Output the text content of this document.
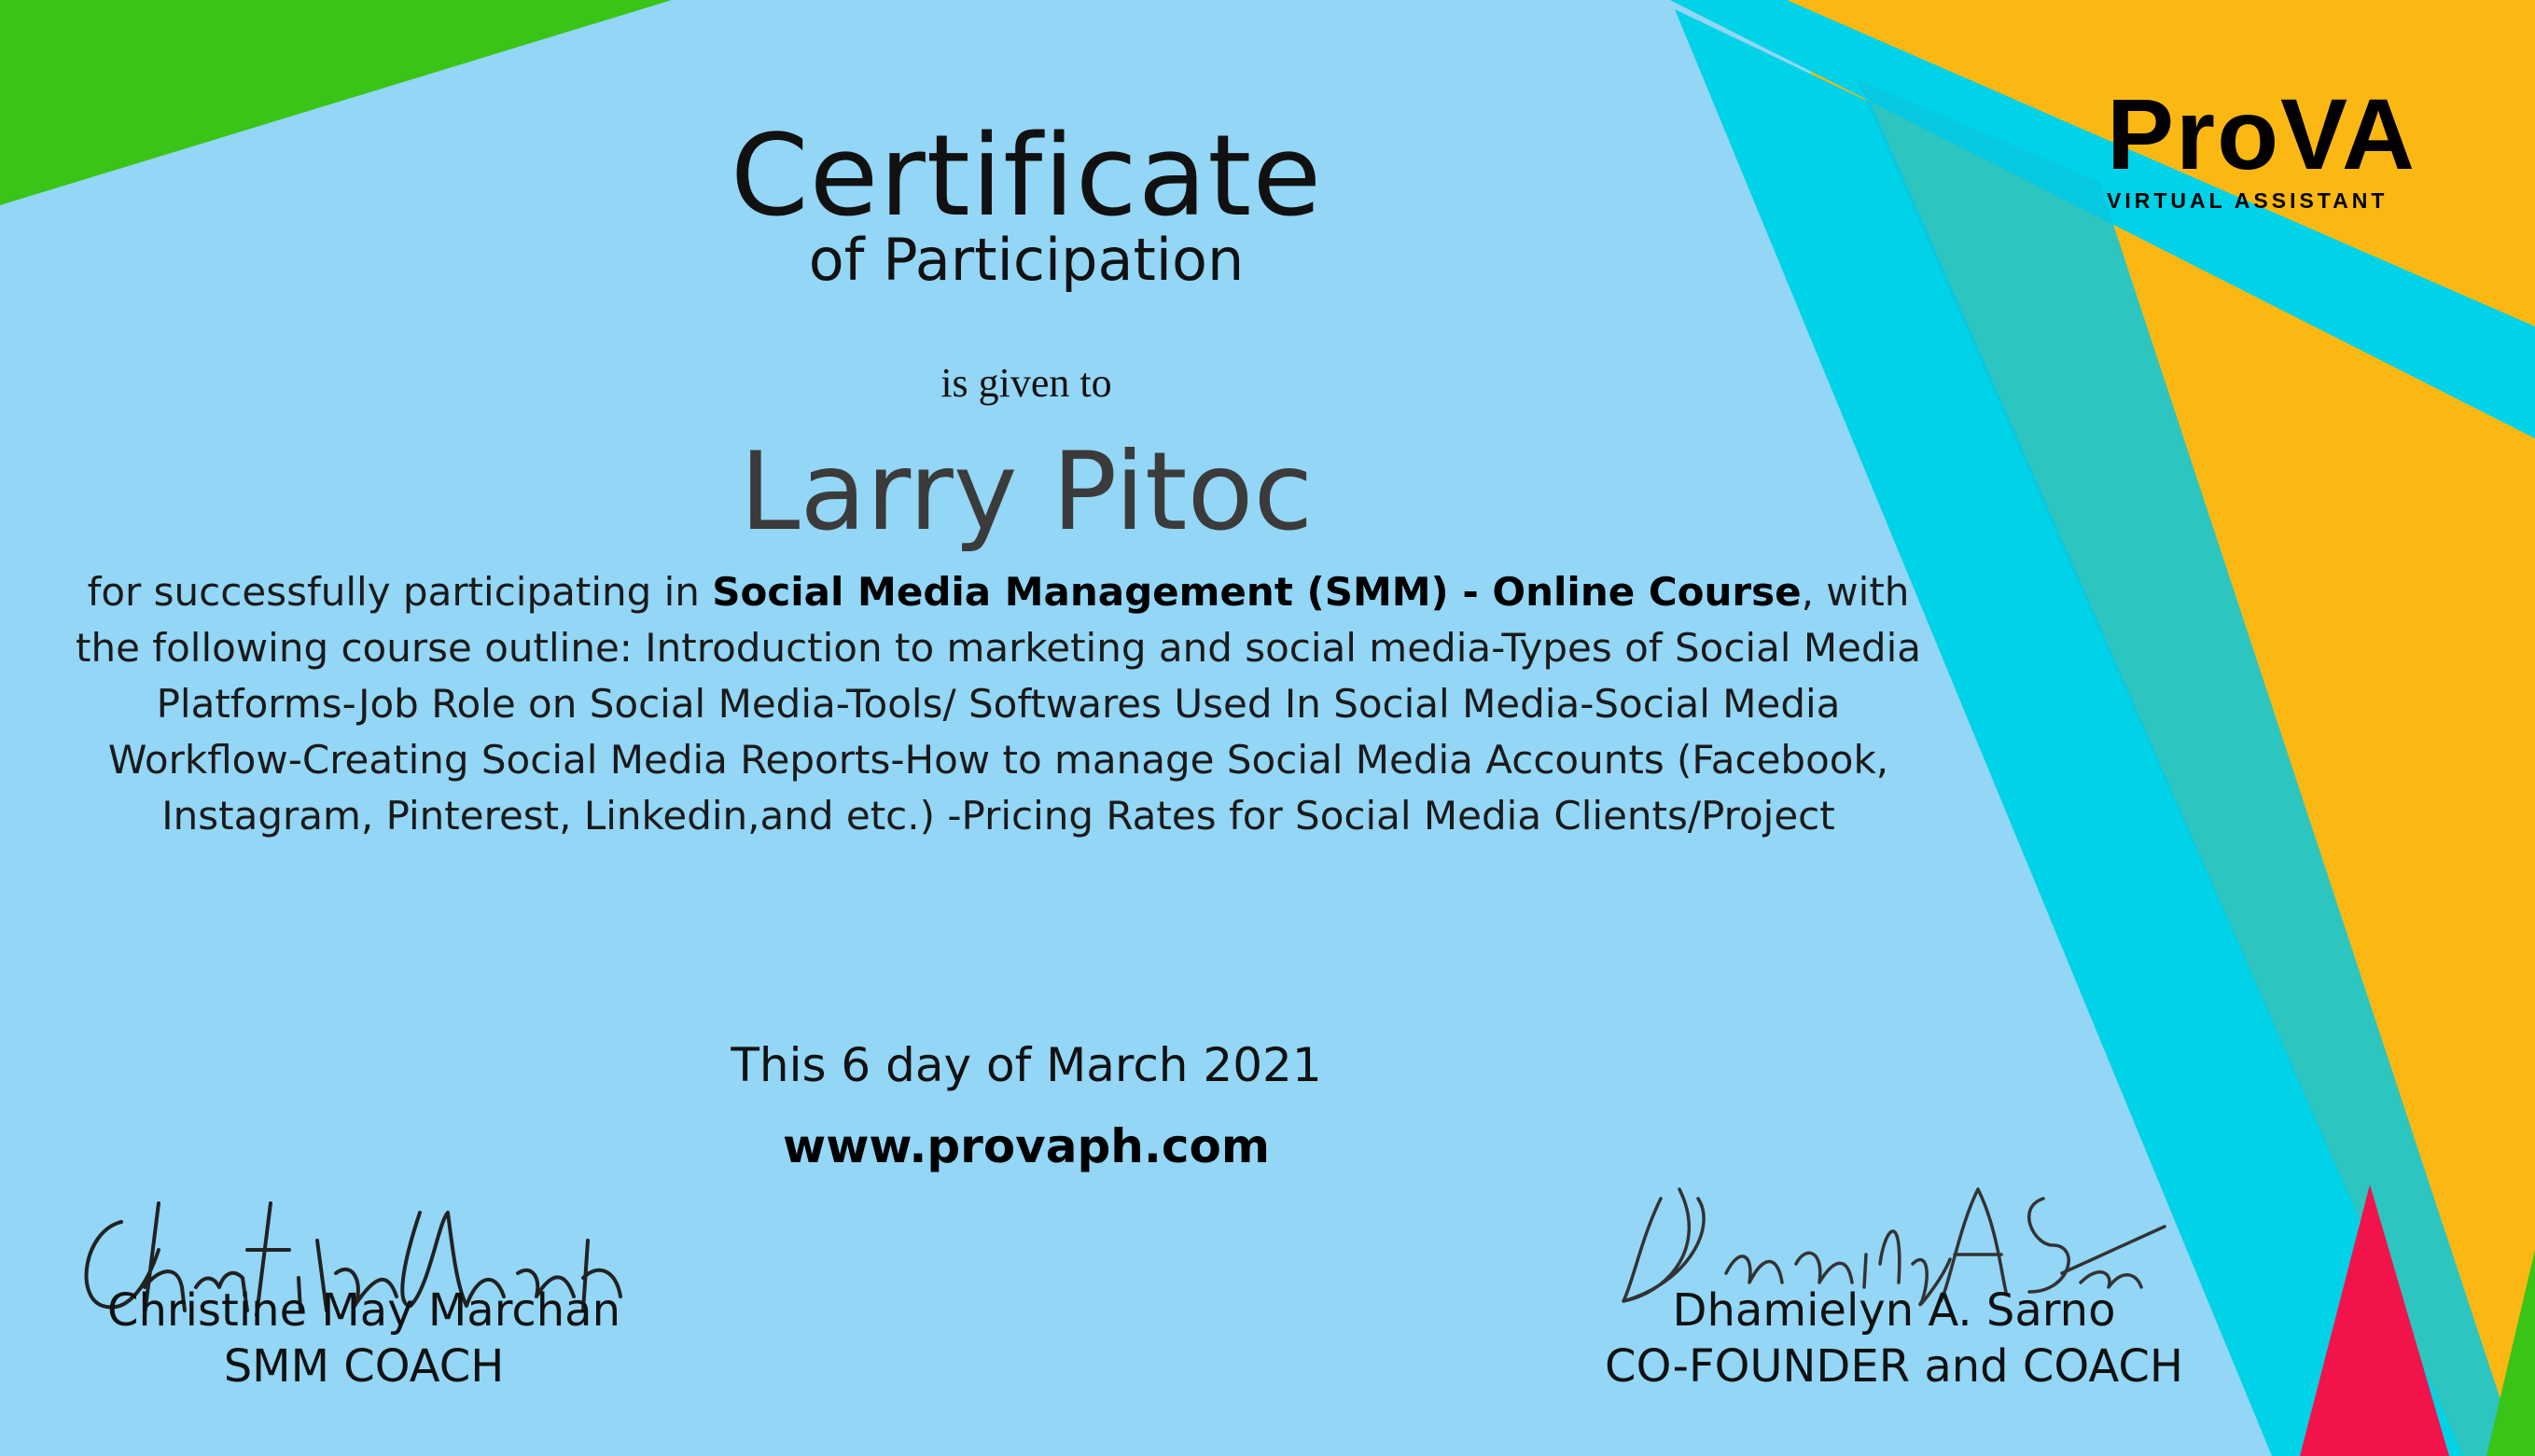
ProVA
VIRTUAL ASSISTANT
Certificate
of Participation
is given to
Larry Pitoc
for successfully participating in Social Media Management (SMM) - Online Course, with the following course outline: Introduction to marketing and social media-Types of Social Media Platforms-Job Role on Social Media-Tools/ Softwares Used In Social Media-Social Media Workflow-Creating Social Media Reports-How to manage Social Media Accounts (Facebook, Instagram, Pinterest, Linkedin,and etc.) -Pricing Rates for Social Media Clients/Project
This 6 day of March 2021
www.provaph.com
Christine May Marchan
SMM COACH
Dhamielyn A. Sarno
CO-FOUNDER and COACH
